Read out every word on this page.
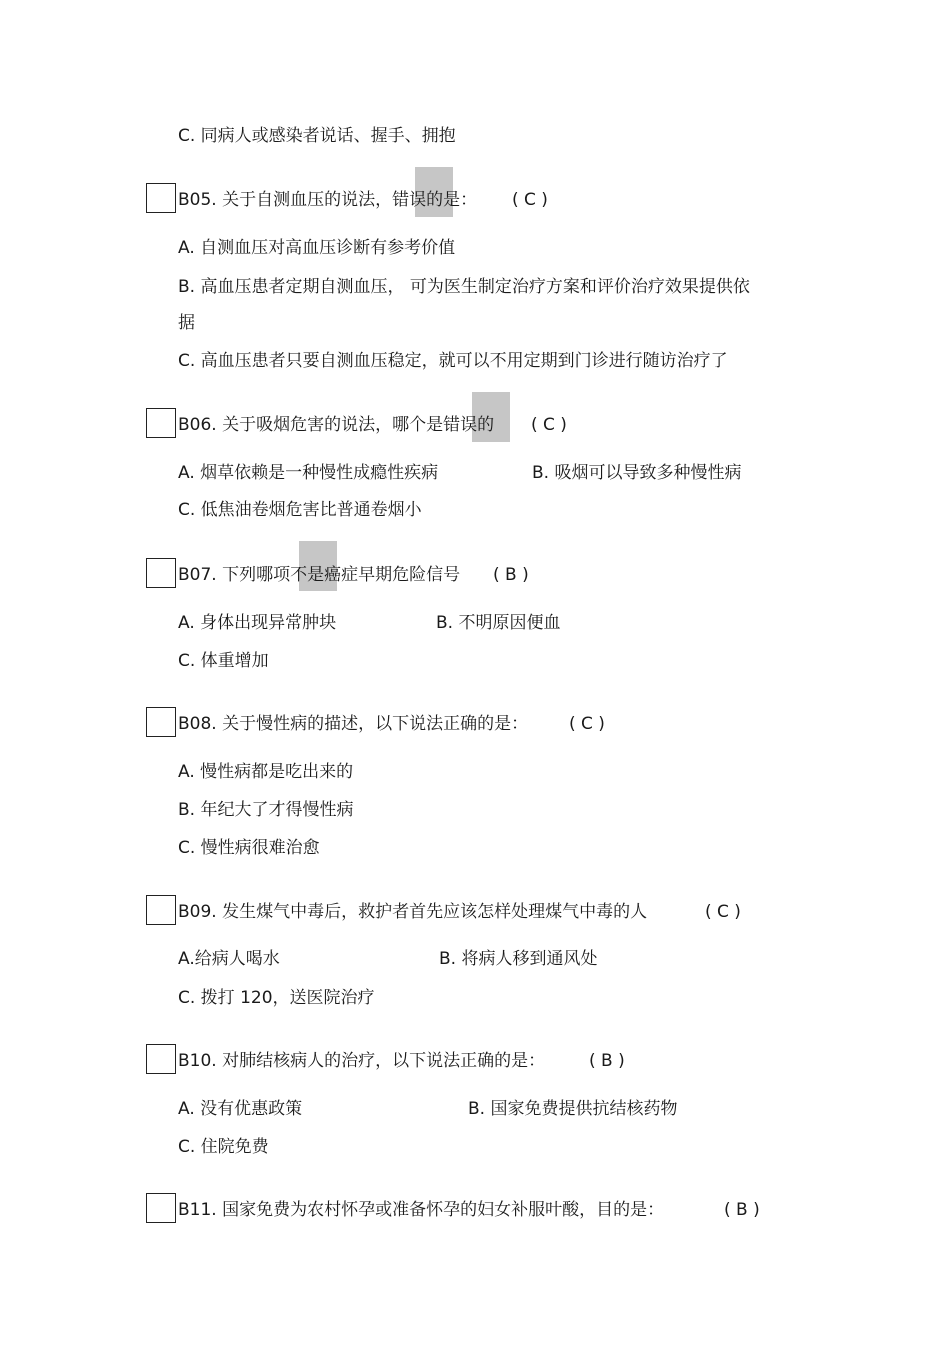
C. 同病人或感染者说话、握手、拥抱
B05. 关于自测血压的说法，错误的是： ( C )
A. 自测血压对高血压诊断有参考价值
B. 高血压患者定期自测血压， 可为医生制定治疗方案和评价治疗效果提供依
据
C. 高血压患者只要自测血压稳定，就可以不用定期到门诊进行随访治疗了
B06. 关于吸烟危害的说法，哪个是错误的 ( C )
A. 烟草依赖是一种慢性成瘾性疾病	B. 吸烟可以导致多种慢性病
C. 低焦油卷烟危害比普通卷烟小
B07. 下列哪项不是癌症早期危险信号 ( B )
A. 身体出现异常肿块	B. 不明原因便血
C. 体重增加
B08. 关于慢性病的描述，以下说法正确的是： ( C )
A. 慢性病都是吃出来的
B. 年纪大了才得慢性病
C. 慢性病很难治愈
B09. 发生煤气中毒后，救护者首先应该怎样处理煤气中毒的人	( C )
A.给病人喝水	B. 将病人移到通风处
C. 拨打 120，送医院治疗
B10. 对肺结核病人的治疗，以下说法正确的是：	( B )
A. 没有优惠政策	B. 国家免费提供抗结核药物
C. 住院免费
B11. 国家免费为农村怀孕或准备怀孕的妇女补服叶酸，目的是：	( B )
